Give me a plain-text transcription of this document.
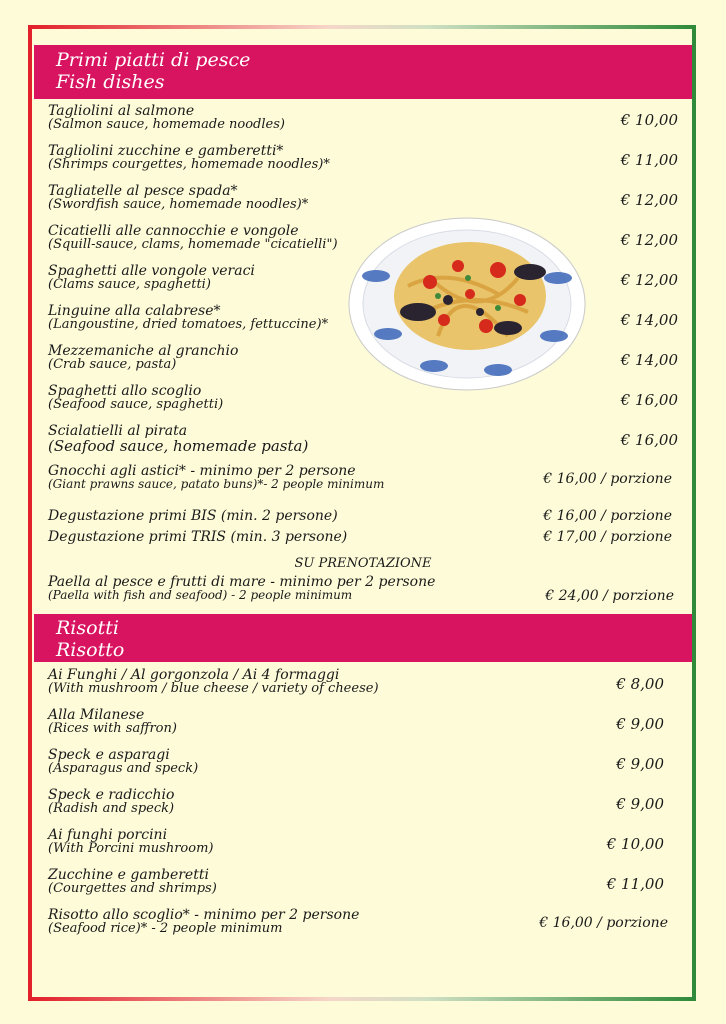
Primi piatti di pesce
Fish dishes
Tagliolini al salmone
(Salmon sauce, homemade noodles)	€ 10,00
Tagliolini zucchine e gamberetti*
(Shrimps courgettes, homemade noodles)*	€ 11,00
Tagliatelle al pesce spada*
(Swordfish sauce, homemade noodles)*	€ 12,00
Cicatielli alle cannocchie e vongole
(Squill-sauce, clams, homemade "cicatielli")	€ 12,00
Spaghetti alle vongole veraci
(Clams sauce, spaghetti)	€ 12,00
Linguine alla calabrese*
(Langoustine, dried tomatoes, fettuccine)*	€ 14,00
Mezzemaniche al granchio
(Crab sauce, pasta)	€ 14,00
Spaghetti allo scoglio
(Seafood sauce, spaghetti)	€ 16,00
Scialatielli al pirata
(Seafood sauce, homemade pasta)	€ 16,00
Gnocchi agli astici* - minimo per 2 persone
(Giant prawns sauce, patato buns)*- 2 people minimum	€ 16,00 / porzione
Degustazione primi BIS (min. 2 persone)	€ 16,00 / porzione
Degustazione primi TRIS (min. 3 persone)	€ 17,00 / porzione
SU PRENOTAZIONE
Paella al pesce e frutti di mare - minimo per 2 persone
(Paella with fish and seafood) - 2 people minimum	€ 24,00 / porzione
Risotti
Risotto
Ai Funghi / Al gorgonzola / Ai 4 formaggi
(With mushroom / blue cheese / variety of cheese)	€ 8,00
Alla Milanese
(Rices with saffron)	€ 9,00
Speck e asparagi
(Asparagus and speck)	€ 9,00
Speck e radicchio
(Radish and speck)	€ 9,00
Ai funghi porcini
(With Porcini mushroom)	€ 10,00
Zucchine e gamberetti
(Courgettes and shrimps)	€ 11,00
Risotto allo scoglio* - minimo per 2 persone
(Seafood rice)* - 2 people minimum	€ 16,00 / porzione
